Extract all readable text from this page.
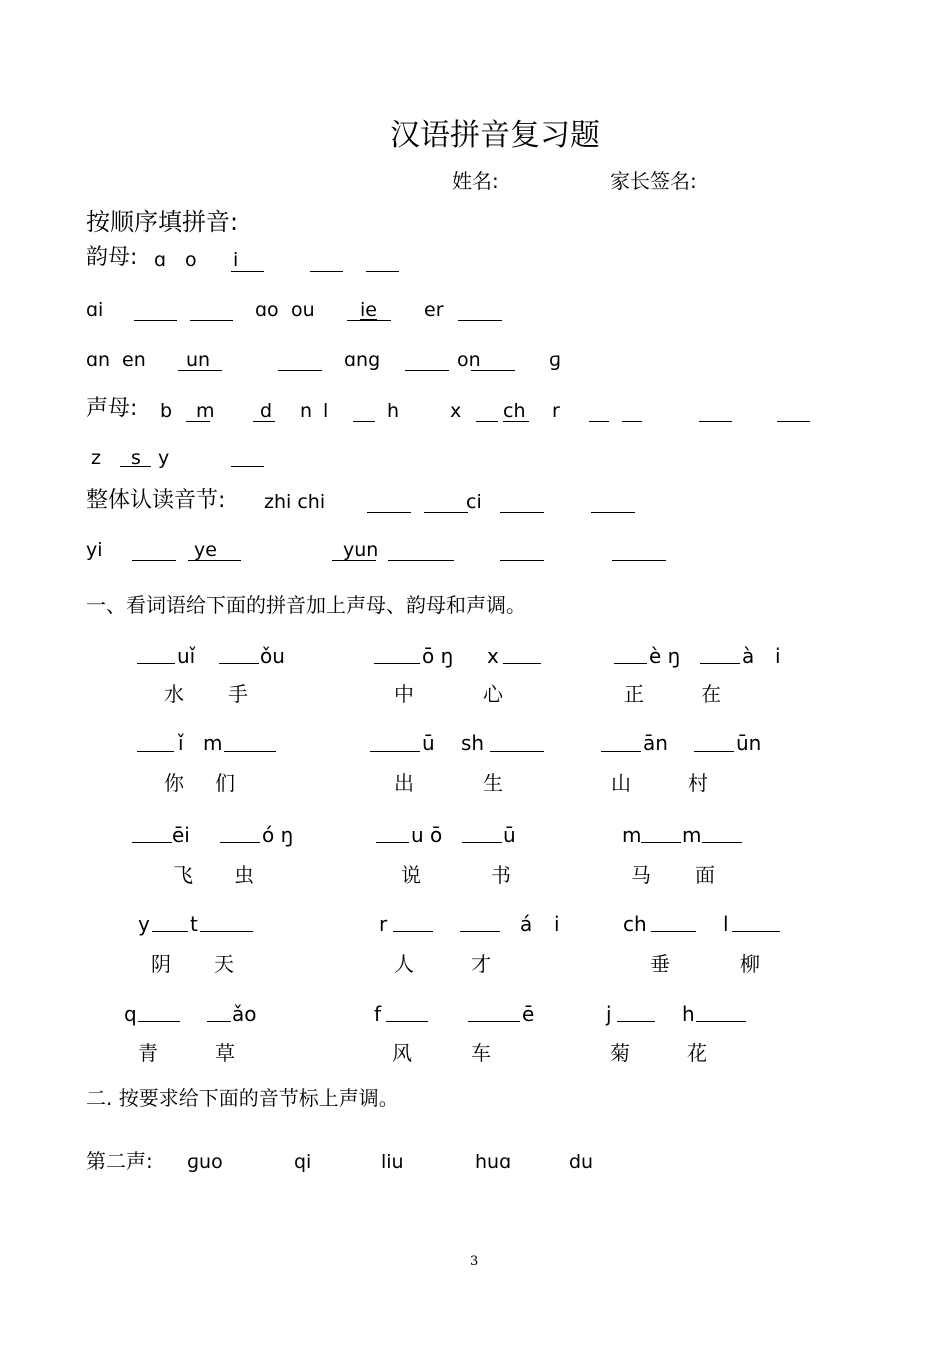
汉语拼音复习题
姓名:	家长签名:
按顺序填拼音:
韵母: ɑ o i
ɑi	ɑo ou ie er
ɑn en un	ɑng	on	ɡ
声母: b m d n l	h	x ch r
z s y
整体认读音节: zhi chi	ci
yi	ye	yun
一、看词语给下面的拼音加上声母、韵母和声调。
uǐ	ǒu	ō ŋ x	è ŋ	à i
水 手	中	心	正	在
ǐ m	ū sh	ān	ūn
你 们	出	生	山	村
ēi	ó ŋ	u ō	ū	m m
飞 虫	说	书	马 面
y t	r	á i	ch	l
阴 天	人	才	垂	柳
q	ǎo	f	ē	j	h
青	草	风	车	菊	花
二. 按要求给下面的音节标上声调。
第二声: ɡuo	qi	liu	huɑ	du
3
